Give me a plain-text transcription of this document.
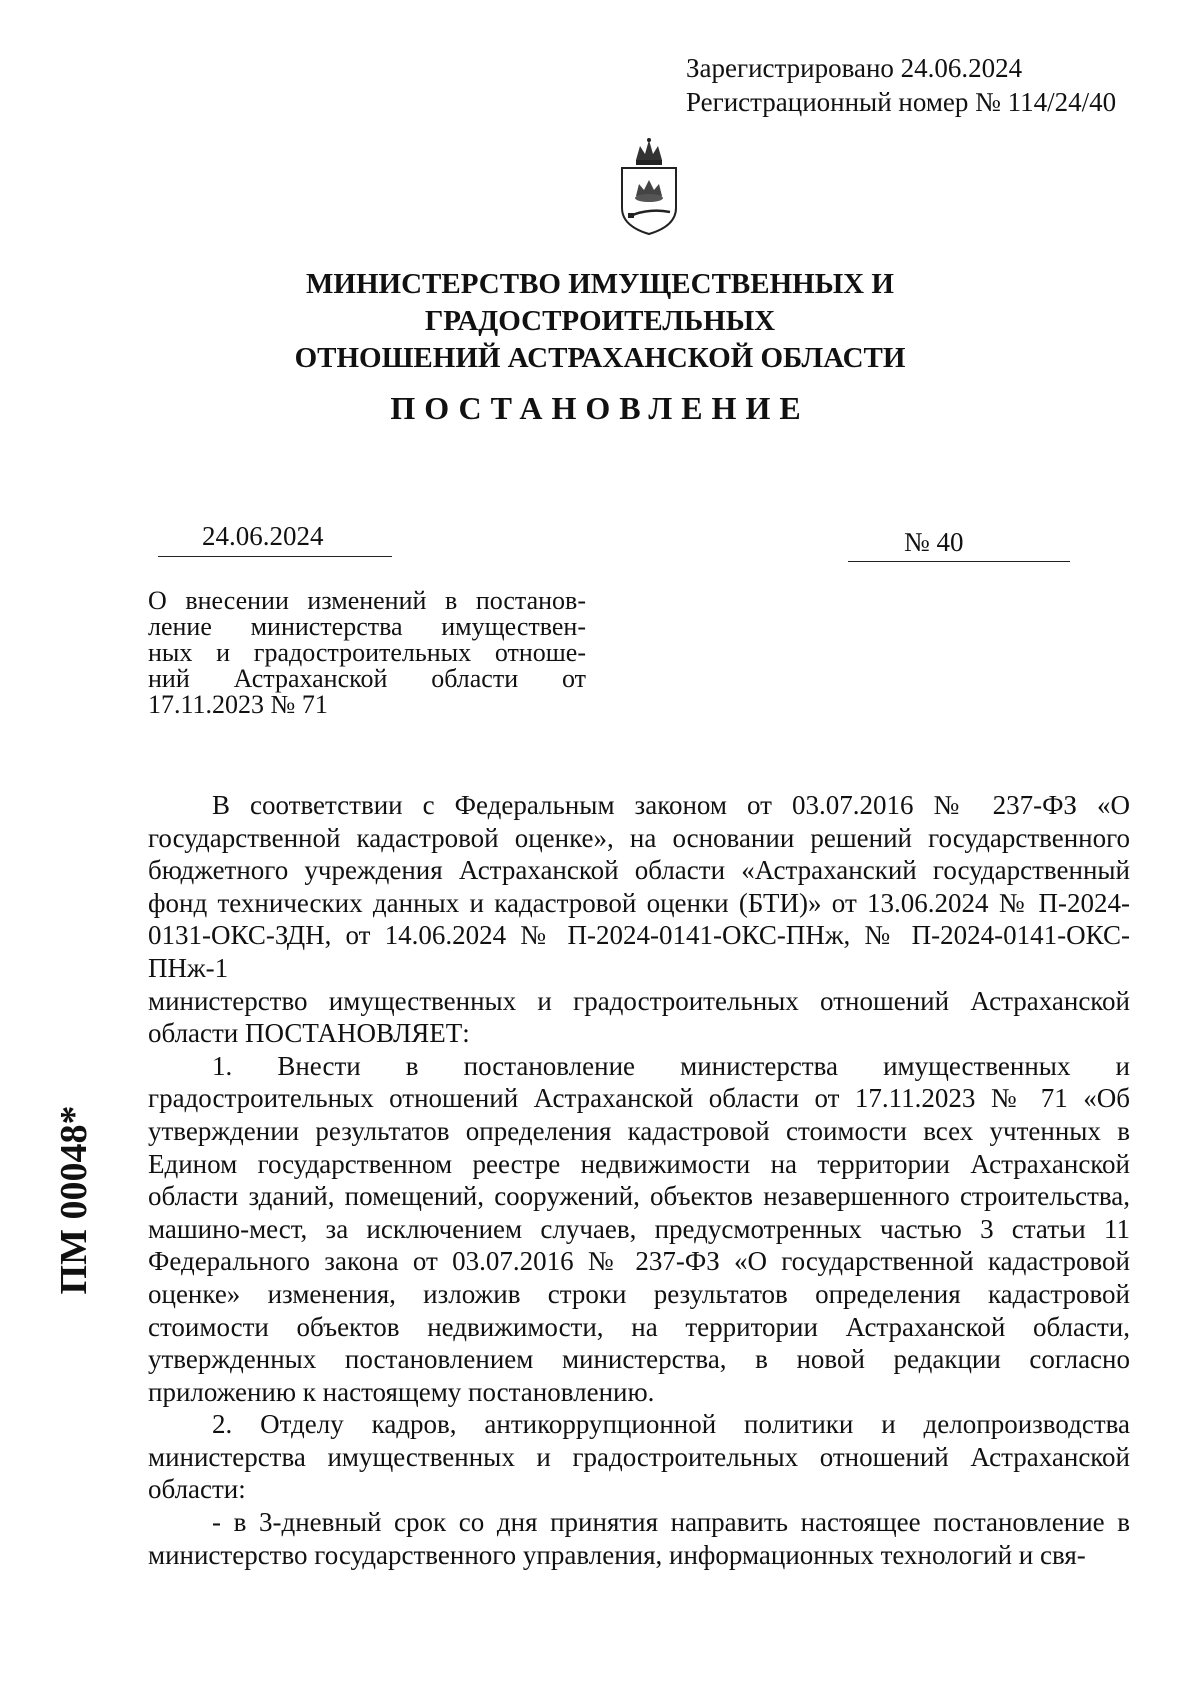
Зарегистрировано 24.06.2024
Регистрационный номер № 114/24/40
МИНИСТЕРСТВО ИМУЩЕСТВЕННЫХ И ГРАДОСТРОИТЕЛЬНЫХ
ОТНОШЕНИЙ АСТРАХАНСКОЙ ОБЛАСТИ
ПОСТАНОВЛЕНИЕ
24.06.2024	№ 40
О внесении изменений в постанов-
ление министерства имуществен-
ных и градостроительных отноше-
ний Астраханской области от
17.11.2023 № 71

В соответствии с Федеральным законом от 03.07.2016 № 237-ФЗ «О государственной кадастровой оценке», на основании решений государственного бюджетного учреждения Астраханской области «Астраханский государственный фонд технических данных и кадастровой оценки (БТИ)» от 13.06.2024 № П-2024-0131-ОКС-ЗДН, от 14.06.2024 № П-2024-0141-ОКС-ПНж, № П-2024-0141-ОКС-ПНж-1

министерство имущественных и градостроительных отношений Астраханской области ПОСТАНОВЛЯЕТ:

1. Внести в постановление министерства имущественных и градостроительных отношений Астраханской области от 17.11.2023 № 71 «Об утверждении результатов определения кадастровой стоимости всех учтенных в Едином государственном реестре недвижимости на территории Астраханской области зданий, помещений, сооружений, объектов незавершенного строительства, машино-мест, за исключением случаев, предусмотренных частью 3 статьи 11 Федерального закона от 03.07.2016 № 237-ФЗ «О государственной кадастровой оценке» изменения, изложив строки результатов определения кадастровой стоимости объектов недвижимости, на территории Астраханской области, утвержденных постановлением министерства, в новой редакции согласно приложению к настоящему постановлению.

2. Отделу кадров, антикоррупционной политики и делопроизводства министерства имущественных и градостроительных отношений Астраханской области:

- в 3-дневный срок со дня принятия направить настоящее постановление в министерство государственного управления, информационных технологий и свя-

ПМ 00048*
